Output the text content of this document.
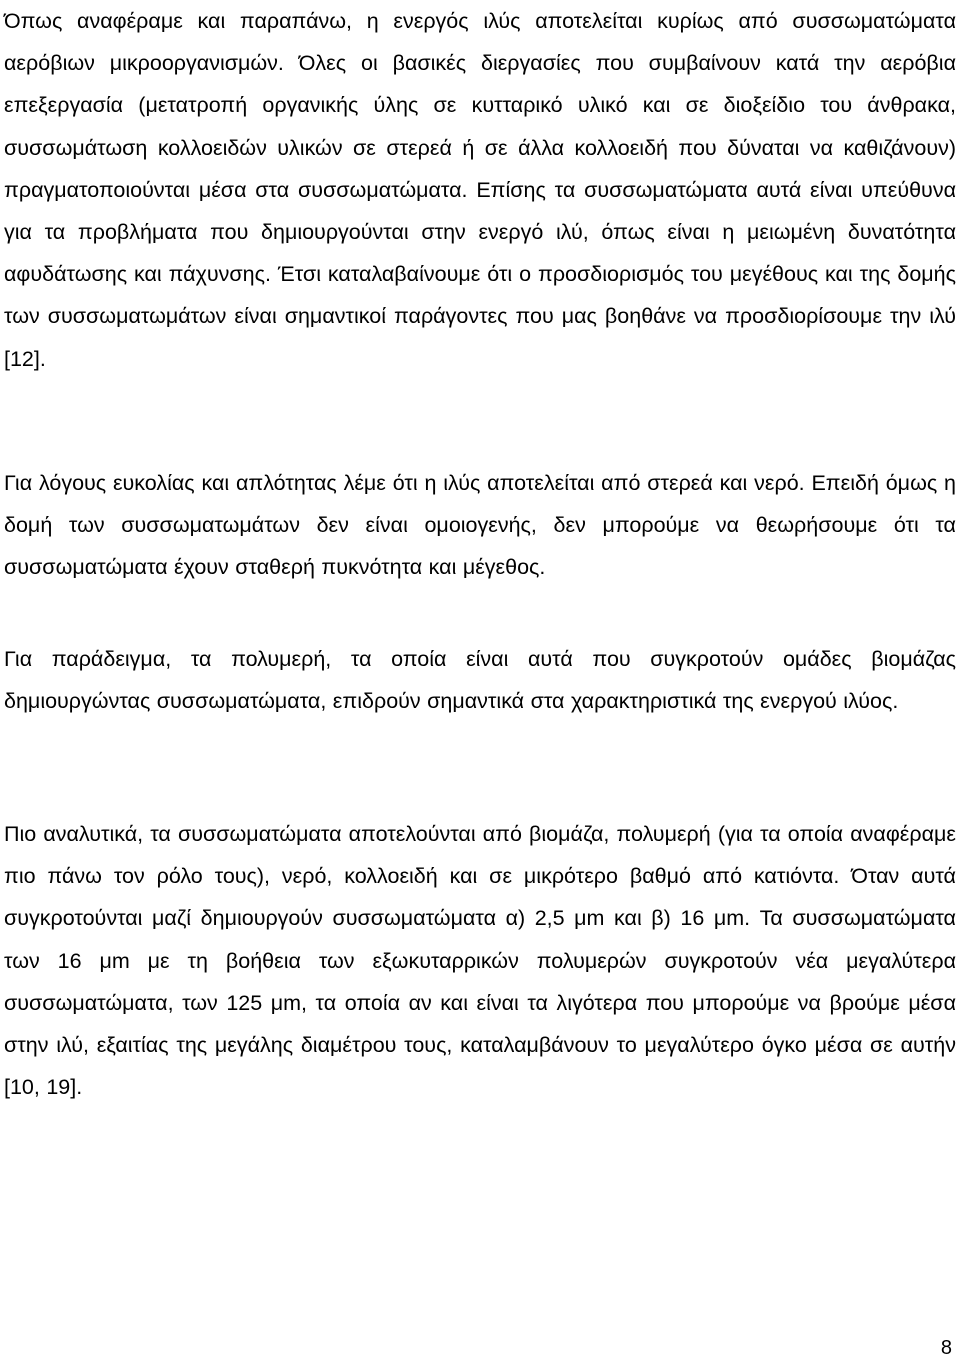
Όπως αναφέραμε και παραπάνω, η ενεργός ιλύς αποτελείται κυρίως από συσσωματώματα αερόβιων μικροοργανισμών. Όλες οι βασικές διεργασίες που συμβαίνουν κατά την αερόβια επεξεργασία (μετατροπή οργανικής ύλης σε κυτταρικό υλικό και σε διοξείδιο του άνθρακα, συσσωμάτωση κολλοειδών υλικών σε στερεά ή σε άλλα κολλοειδή που δύναται να καθιζάνουν) πραγματοποιούνται μέσα στα συσσωματώματα. Επίσης τα συσσωματώματα αυτά είναι υπεύθυνα για τα προβλήματα που δημιουργούνται στην ενεργό ιλύ, όπως είναι η μειωμένη δυνατότητα αφυδάτωσης και πάχυνσης. Έτσι καταλαβαίνουμε ότι ο προσδιορισμός του μεγέθους και της δομής των συσσωματωμάτων είναι σημαντικοί παράγοντες που μας βοηθάνε να προσδιορίσουμε την ιλύ [12].

Για λόγους ευκολίας και απλότητας λέμε ότι η ιλύς αποτελείται από στερεά και νερό. Επειδή όμως η δομή των συσσωματωμάτων δεν είναι ομοιογενής, δεν μπορούμε να θεωρήσουμε ότι τα συσσωματώματα έχουν σταθερή πυκνότητα και μέγεθος.

Για παράδειγμα, τα πολυμερή, τα οποία είναι αυτά που συγκροτούν ομάδες βιομάζας δημιουργώντας συσσωματώματα, επιδρούν σημαντικά στα χαρακτηριστικά της ενεργού ιλύος.

Πιο αναλυτικά, τα συσσωματώματα αποτελούνται από βιομάζα, πολυμερή (για τα οποία αναφέραμε πιο πάνω τον ρόλο τους), νερό, κολλοειδή και σε μικρότερο βαθμό από κατιόντα. Όταν αυτά συγκροτούνται μαζί δημιουργούν συσσωματώματα α) 2,5 μm και β) 16 μm. Τα συσσωματώματα των 16 μm με τη βοήθεια των εξωκυταρρικών πολυμερών συγκροτούν νέα μεγαλύτερα συσσωματώματα, των 125 μm, τα οποία αν και είναι τα λιγότερα που μπορούμε να βρούμε μέσα στην ιλύ, εξαιτίας της μεγάλης διαμέτρου τους, καταλαμβάνουν το μεγαλύτερο όγκο μέσα σε αυτήν [10, 19].

8
